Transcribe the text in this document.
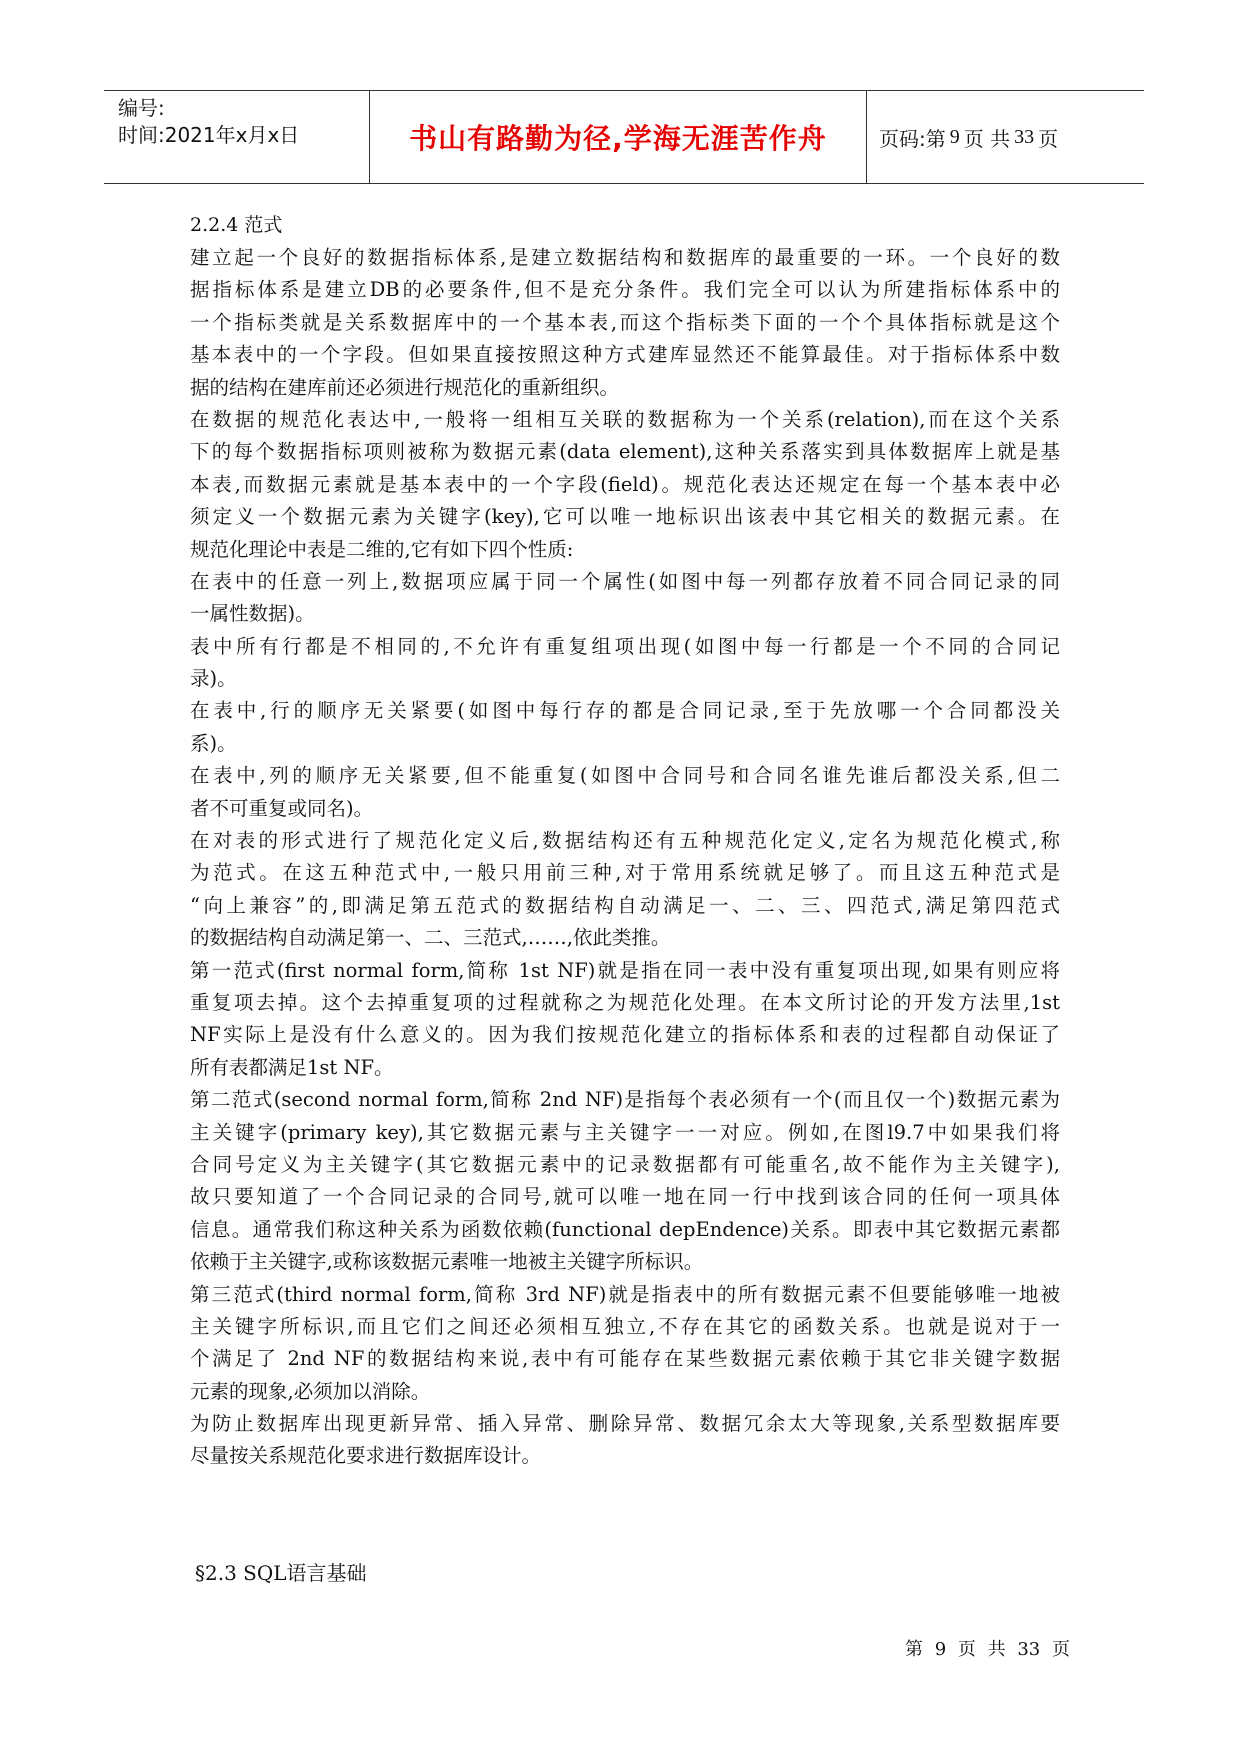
编号:
时间:2021年x月x日	书山有路勤为径,学海无涯苦作舟	页码:第 9 页 共 33 页
2.2.4 范式
建立起一个良好的数据指标体系,是建立数据结构和数据库的最重要的一环。一个良好的数
据指标体系是建立DB的必要条件,但不是充分条件。我们完全可以认为所建指标体系中的
一个指标类就是关系数据库中的一个基本表,而这个指标类下面的一个个具体指标就是这个
基本表中的一个字段。但如果直接按照这种方式建库显然还不能算最佳。对于指标体系中数
据的结构在建库前还必须进行规范化的重新组织。
在数据的规范化表达中,一般将一组相互关联的数据称为一个关系(relation),而在这个关系
下的每个数据指标项则被称为数据元素(data element),这种关系落实到具体数据库上就是基
本表,而数据元素就是基本表中的一个字段(field)。规范化表达还规定在每一个基本表中必
须定义一个数据元素为关键字(key),它可以唯一地标识出该表中其它相关的数据元素。在
规范化理论中表是二维的,它有如下四个性质:
在表中的任意一列上,数据项应属于同一个属性(如图中每一列都存放着不同合同记录的同
一属性数据)。
表中所有行都是不相同的,不允许有重复组项出现(如图中每一行都是一个不同的合同记
录)。
在表中,行的顺序无关紧要(如图中每行存的都是合同记录,至于先放哪一个合同都没关
系)。
在表中,列的顺序无关紧要,但不能重复(如图中合同号和合同名谁先谁后都没关系,但二
者不可重复或同名)。
在对表的形式进行了规范化定义后,数据结构还有五种规范化定义,定名为规范化模式,称
为范式。在这五种范式中,一般只用前三种,对于常用系统就足够了。而且这五种范式是
“向上兼容”的,即满足第五范式的数据结构自动满足一、二、三、四范式,满足第四范式
的数据结构自动满足第一、二、三范式,……,依此类推。
第一范式(first normal form,简称 1st NF)就是指在同一表中没有重复项出现,如果有则应将
重复项去掉。这个去掉重复项的过程就称之为规范化处理。在本文所讨论的开发方法里,1st
NF实际上是没有什么意义的。因为我们按规范化建立的指标体系和表的过程都自动保证了
所有表都满足1st NF。
第二范式(second normal form,简称 2nd NF)是指每个表必须有一个(而且仅一个)数据元素为
主关键字(primary key),其它数据元素与主关键字一一对应。例如,在图l9.7中如果我们将
合同号定义为主关键字(其它数据元素中的记录数据都有可能重名,故不能作为主关键字),
故只要知道了一个合同记录的合同号,就可以唯一地在同一行中找到该合同的任何一项具体
信息。通常我们称这种关系为函数依赖(functional depEndence)关系。即表中其它数据元素都
依赖于主关键字,或称该数据元素唯一地被主关键字所标识。
第三范式(third normal form,简称 3rd NF)就是指表中的所有数据元素不但要能够唯一地被
主关键字所标识,而且它们之间还必须相互独立,不存在其它的函数关系。也就是说对于一
个满足了 2nd NF的数据结构来说,表中有可能存在某些数据元素依赖于其它非关键字数据
元素的现象,必须加以消除。
为防止数据库出现更新异常、插入异常、删除异常、数据冗余太大等现象,关系型数据库要
尽量按关系规范化要求进行数据库设计。
§2.3 SQL语言基础
第 9 页 共 33 页
